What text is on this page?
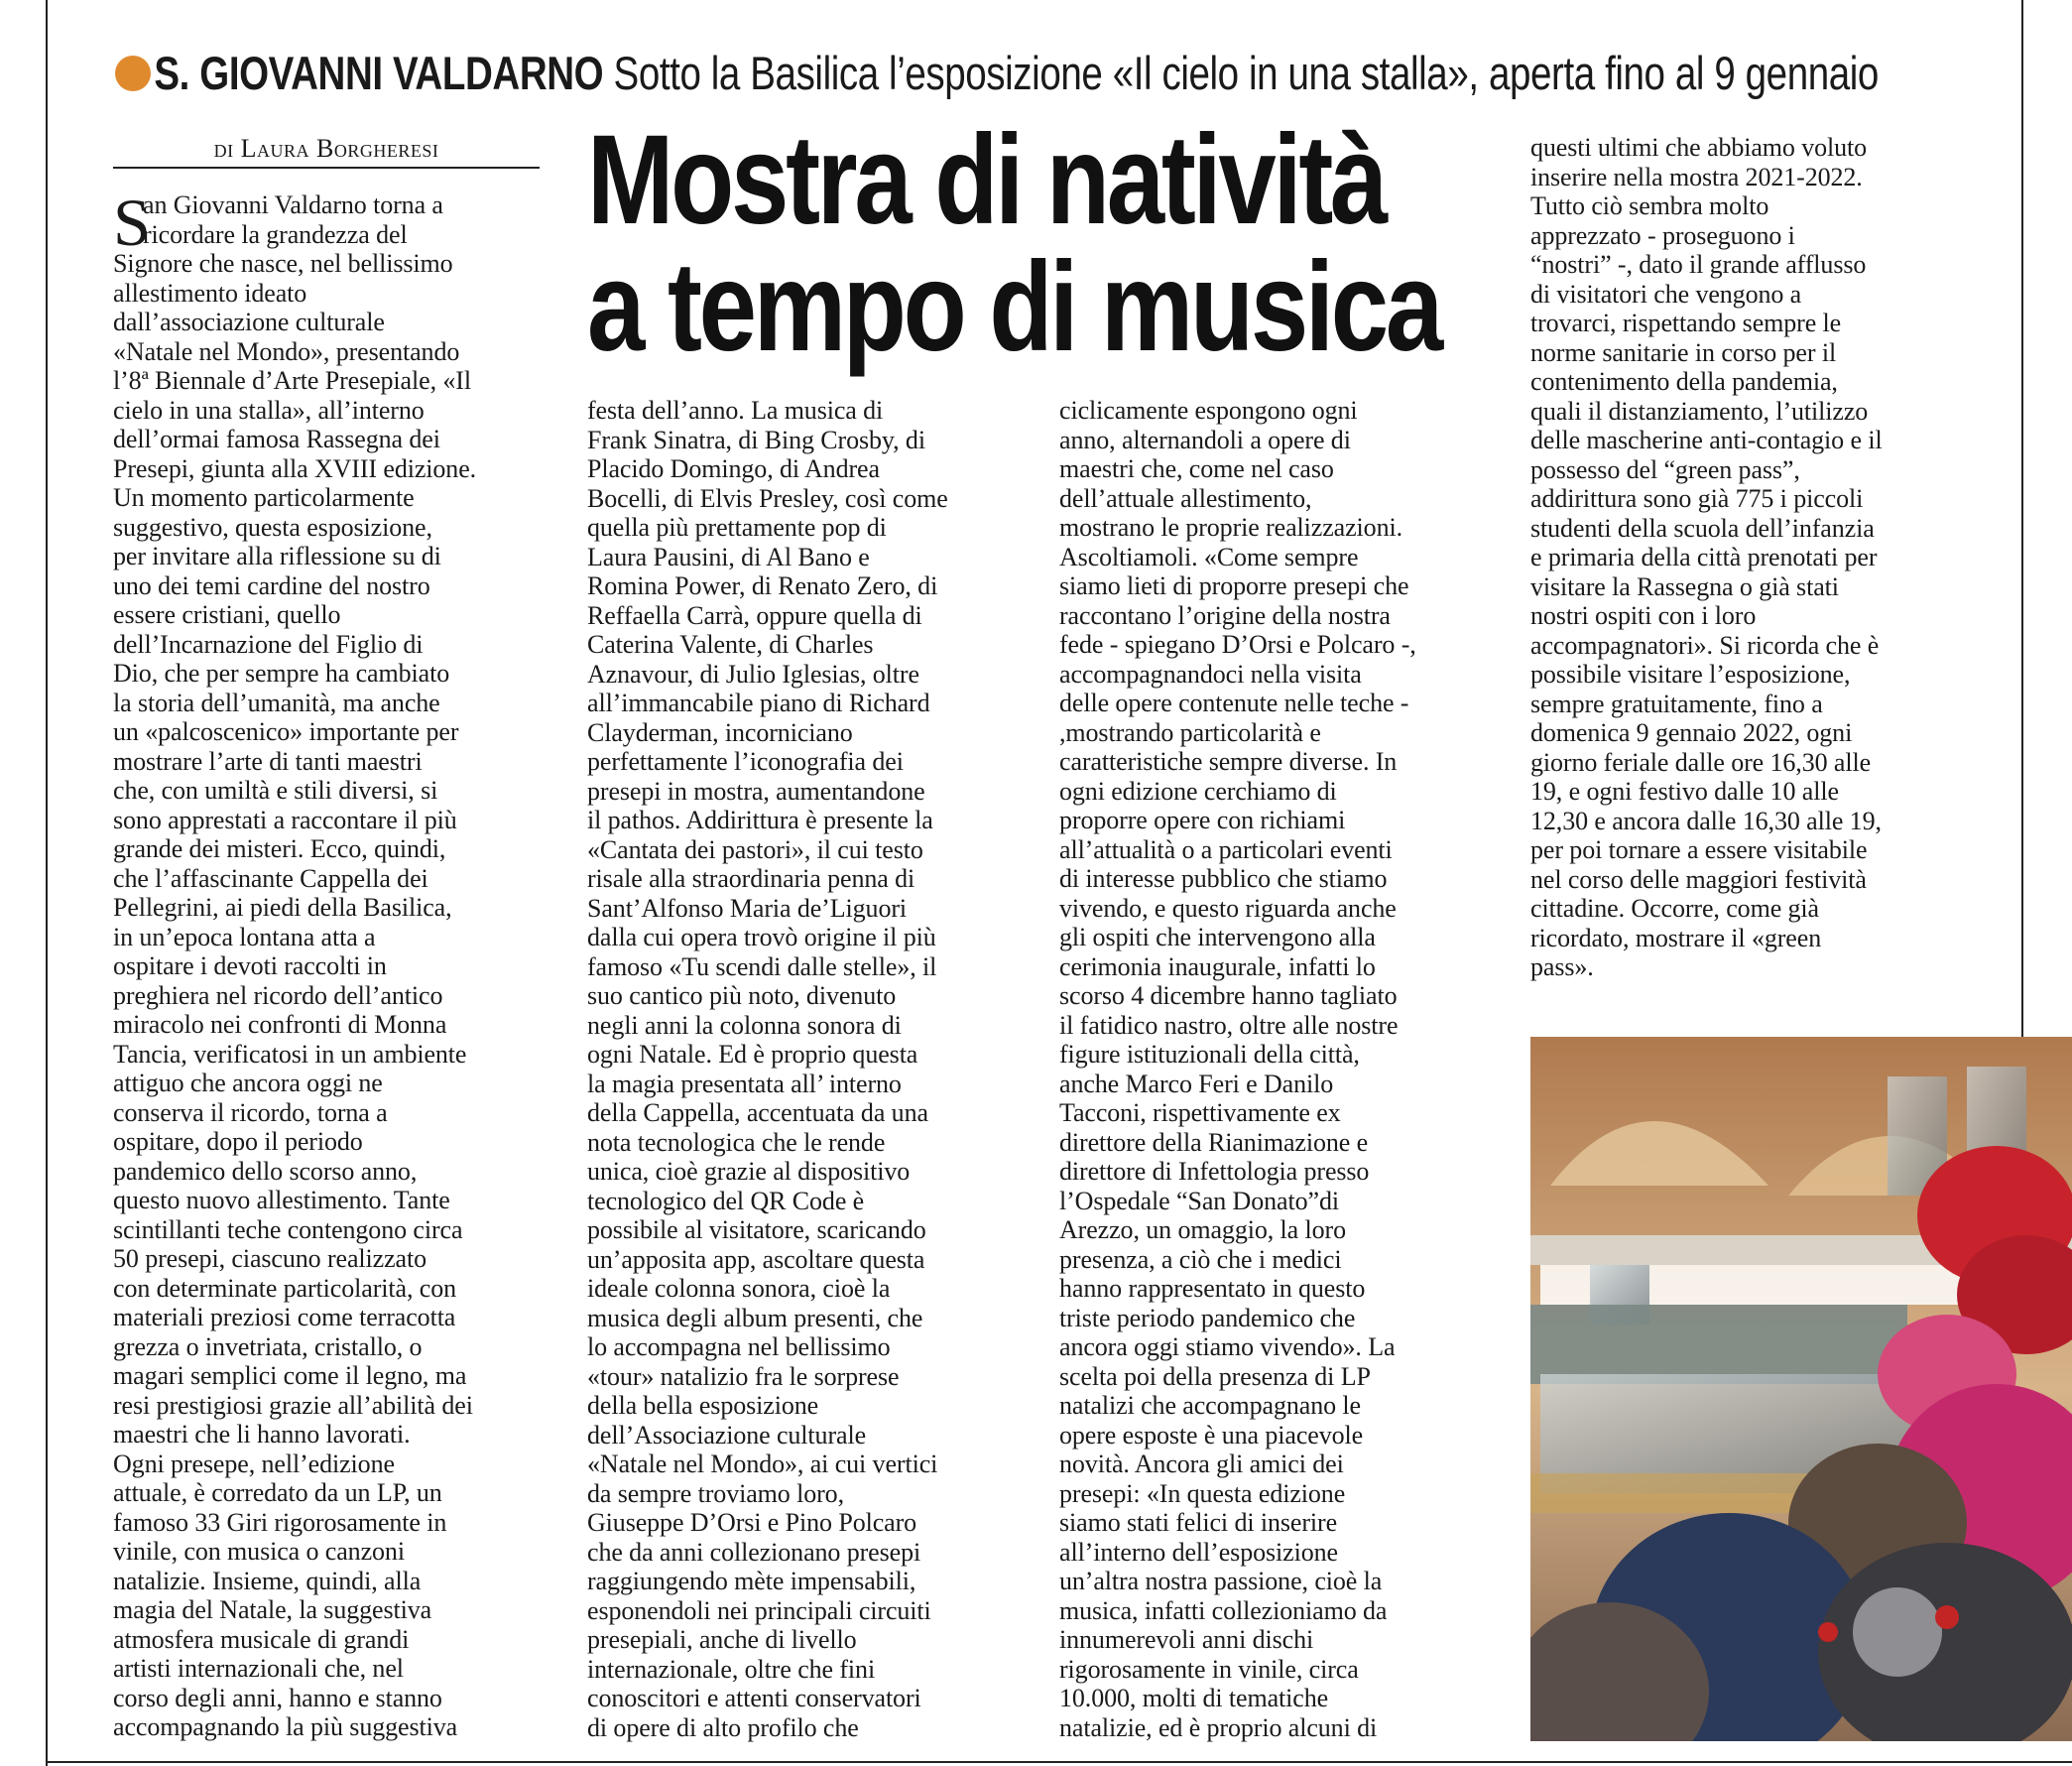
S. GIOVANNI VALDARNO Sotto la Basilica l’esposizione «Il cielo in una stalla», aperta fino al 9 gennaio
di Laura Borgheresi	Mostra di natività
a tempo di musica
S
an Giovanni Valdarno torna a
ricordare la grandezza del
Signore che nasce, nel bellissimo
allestimento ideato
dall’associazione culturale
«Natale nel Mondo», presentando
l’8ª Biennale d’Arte Presepiale, «Il
cielo in una stalla», all’interno
dell’ormai famosa Rassegna dei
Presepi, giunta alla XVIII edizione.
Un momento particolarmente
suggestivo, questa esposizione,
per invitare alla riflessione su di
uno dei temi cardine del nostro
essere cristiani, quello
dell’Incarnazione del Figlio di
Dio, che per sempre ha cambiato
la storia dell’umanità, ma anche
un «palcoscenico» importante per
mostrare l’arte di tanti maestri
che, con umiltà e stili diversi, si
sono apprestati a raccontare il più
grande dei misteri. Ecco, quindi,
che l’affascinante Cappella dei
Pellegrini, ai piedi della Basilica,
in un’epoca lontana atta a
ospitare i devoti raccolti in
preghiera nel ricordo dell’antico
miracolo nei confronti di Monna
Tancia, verificatosi in un ambiente
attiguo che ancora oggi ne
conserva il ricordo, torna a
ospitare, dopo il periodo
pandemico dello scorso anno,
questo nuovo allestimento. Tante
scintillanti teche contengono circa
50 presepi, ciascuno realizzato
con determinate particolarità, con
materiali preziosi come terracotta
grezza o invetriata, cristallo, o
magari semplici come il legno, ma
resi prestigiosi grazie all’abilità dei
maestri che li hanno lavorati.
Ogni presepe, nell’edizione
attuale, è corredato da un LP, un
famoso 33 Giri rigorosamente in
vinile, con musica o canzoni
natalizie. Insieme, quindi, alla
magia del Natale, la suggestiva
atmosfera musicale di grandi
artisti internazionali che, nel
corso degli anni, hanno e stanno
accompagnando la più suggestiva
festa dell’anno. La musica di
Frank Sinatra, di Bing Crosby, di
Placido Domingo, di Andrea
Bocelli, di Elvis Presley, così come
quella più prettamente pop di
Laura Pausini, di Al Bano e
Romina Power, di Renato Zero, di
Reffaella Carrà, oppure quella di
Caterina Valente, di Charles
Aznavour, di Julio Iglesias, oltre
all’immancabile piano di Richard
Clayderman, incorniciano
perfettamente l’iconografia dei
presepi in mostra, aumentandone
il pathos. Addirittura è presente la
«Cantata dei pastori», il cui testo
risale alla straordinaria penna di
Sant’Alfonso Maria de’Liguori
dalla cui opera trovò origine il più
famoso «Tu scendi dalle stelle», il
suo cantico più noto, divenuto
negli anni la colonna sonora di
ogni Natale. Ed è proprio questa
la magia presentata all’ interno
della Cappella, accentuata da una
nota tecnologica che le rende
unica, cioè grazie al dispositivo
tecnologico del QR Code è
possibile al visitatore, scaricando
un’apposita app, ascoltare questa
ideale colonna sonora, cioè la
musica degli album presenti, che
lo accompagna nel bellissimo
«tour» natalizio fra le sorprese
della bella esposizione
dell’Associazione culturale
«Natale nel Mondo», ai cui vertici
da sempre troviamo loro,
Giuseppe D’Orsi e Pino Polcaro
che da anni collezionano presepi
raggiungendo mète impensabili,
esponendoli nei principali circuiti
presepiali, anche di livello
internazionale, oltre che fini
conoscitori e attenti conservatori
di opere di alto profilo che
ciclicamente espongono ogni
anno, alternandoli a opere di
maestri che, come nel caso
dell’attuale allestimento,
mostrano le proprie realizzazioni.
Ascoltiamoli. «Come sempre
siamo lieti di proporre presepi che
raccontano l’origine della nostra
fede - spiegano D’Orsi e Polcaro -,
accompagnandoci nella visita
delle opere contenute nelle teche -
,mostrando particolarità e
caratteristiche sempre diverse. In
ogni edizione cerchiamo di
proporre opere con richiami
all’attualità o a particolari eventi
di interesse pubblico che stiamo
vivendo, e questo riguarda anche
gli ospiti che intervengono alla
cerimonia inaugurale, infatti lo
scorso 4 dicembre hanno tagliato
il fatidico nastro, oltre alle nostre
figure istituzionali della città,
anche Marco Feri e Danilo
Tacconi, rispettivamente ex
direttore della Rianimazione e
direttore di Infettologia presso
l’Ospedale “San Donato”di
Arezzo, un omaggio, la loro
presenza, a ciò che i medici
hanno rappresentato in questo
triste periodo pandemico che
ancora oggi stiamo vivendo». La
scelta poi della presenza di LP
natalizi che accompagnano le
opere esposte è una piacevole
novità. Ancora gli amici dei
presepi: «In questa edizione
siamo stati felici di inserire
all’interno dell’esposizione
un’altra nostra passione, cioè la
musica, infatti collezioniamo da
innumerevoli anni dischi
rigorosamente in vinile, circa
10.000, molti di tematiche
natalizie, ed è proprio alcuni di
questi ultimi che abbiamo voluto
inserire nella mostra 2021-2022.
Tutto ciò sembra molto
apprezzato - proseguono i
“nostri” -, dato il grande afflusso
di visitatori che vengono a
trovarci, rispettando sempre le
norme sanitarie in corso per il
contenimento della pandemia,
quali il distanziamento, l’utilizzo
delle mascherine anti-contagio e il
possesso del “green pass”,
addirittura sono già 775 i piccoli
studenti della scuola dell’infanzia
e primaria della città prenotati per
visitare la Rassegna o già stati
nostri ospiti con i loro
accompagnatori». Si ricorda che è
possibile visitare l’esposizione,
sempre gratuitamente, fino a
domenica 9 gennaio 2022, ogni
giorno feriale dalle ore 16,30 alle
19, e ogni festivo dalle 10 alle
12,30 e ancora dalle 16,30 alle 19,
per poi tornare a essere visitabile
nel corso delle maggiori festività
cittadine. Occorre, come già
ricordato, mostrare il «green
pass».
